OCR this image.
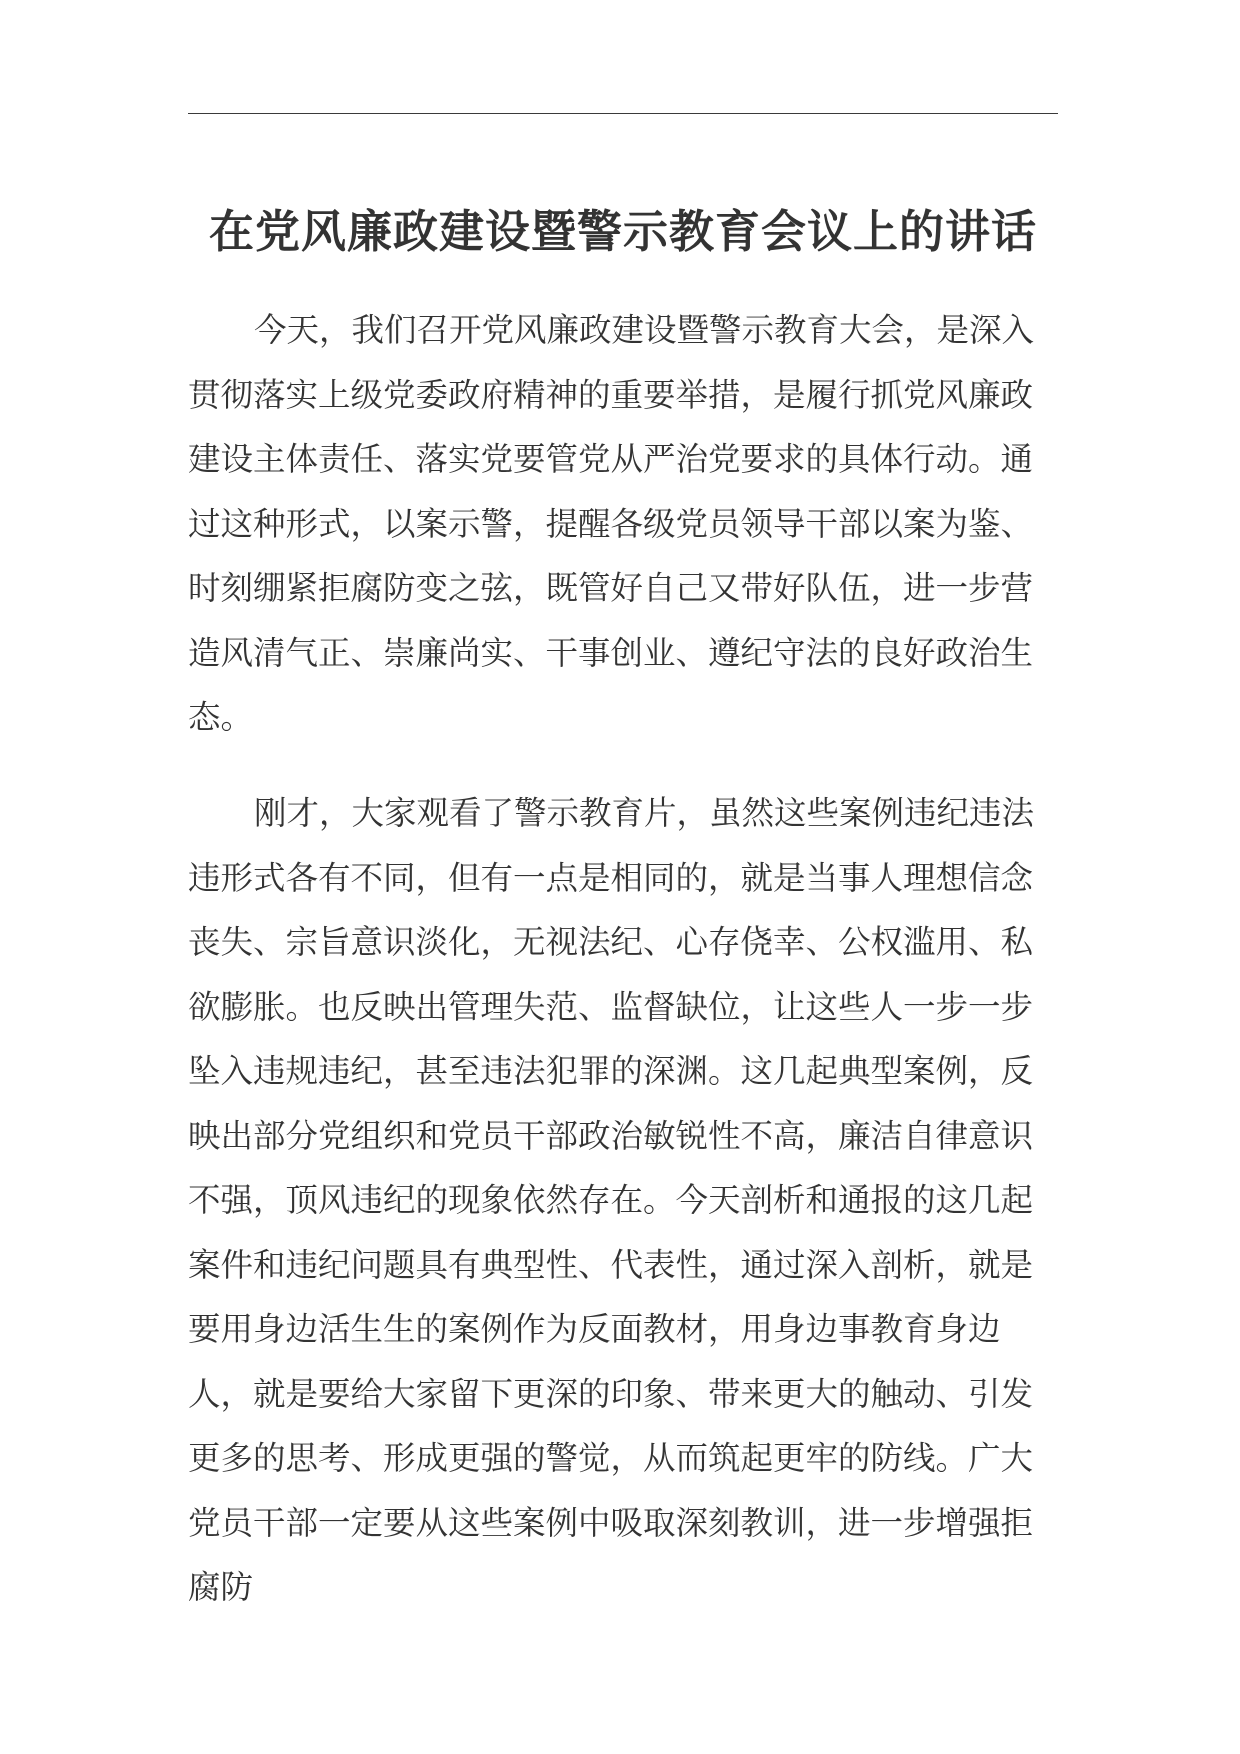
在党风廉政建设暨警示教育会议上的讲话

今天，我们召开党风廉政建设暨警示教育大会，是深入贯彻落实上级党委政府精神的重要举措，是履行抓党风廉政建设主体责任、落实党要管党从严治党要求的具体行动。通过这种形式，以案示警，提醒各级党员领导干部以案为鉴、时刻绷紧拒腐防变之弦，既管好自己又带好队伍，进一步营造风清气正、崇廉尚实、干事创业、遵纪守法的良好政治生态。

刚才，大家观看了警示教育片，虽然这些案例违纪违法违形式各有不同，但有一点是相同的，就是当事人理想信念丧失、宗旨意识淡化，无视法纪、心存侥幸、公权滥用、私欲膨胀。也反映出管理失范、监督缺位，让这些人一步一步坠入违规违纪，甚至违法犯罪的深渊。这几起典型案例，反映出部分党组织和党员干部政治敏锐性不高，廉洁自律意识不强，顶风违纪的现象依然存在。今天剖析和通报的这几起案件和违纪问题具有典型性、代表性，通过深入剖析，就是要用身边活生生的案例作为反面教材，用身边事教育身边人，就是要给大家留下更深的印象、带来更大的触动、引发更多的思考、形成更强的警觉，从而筑起更牢的防线。广大党员干部一定要从这些案例中吸取深刻教训，进一步增强拒腐防
